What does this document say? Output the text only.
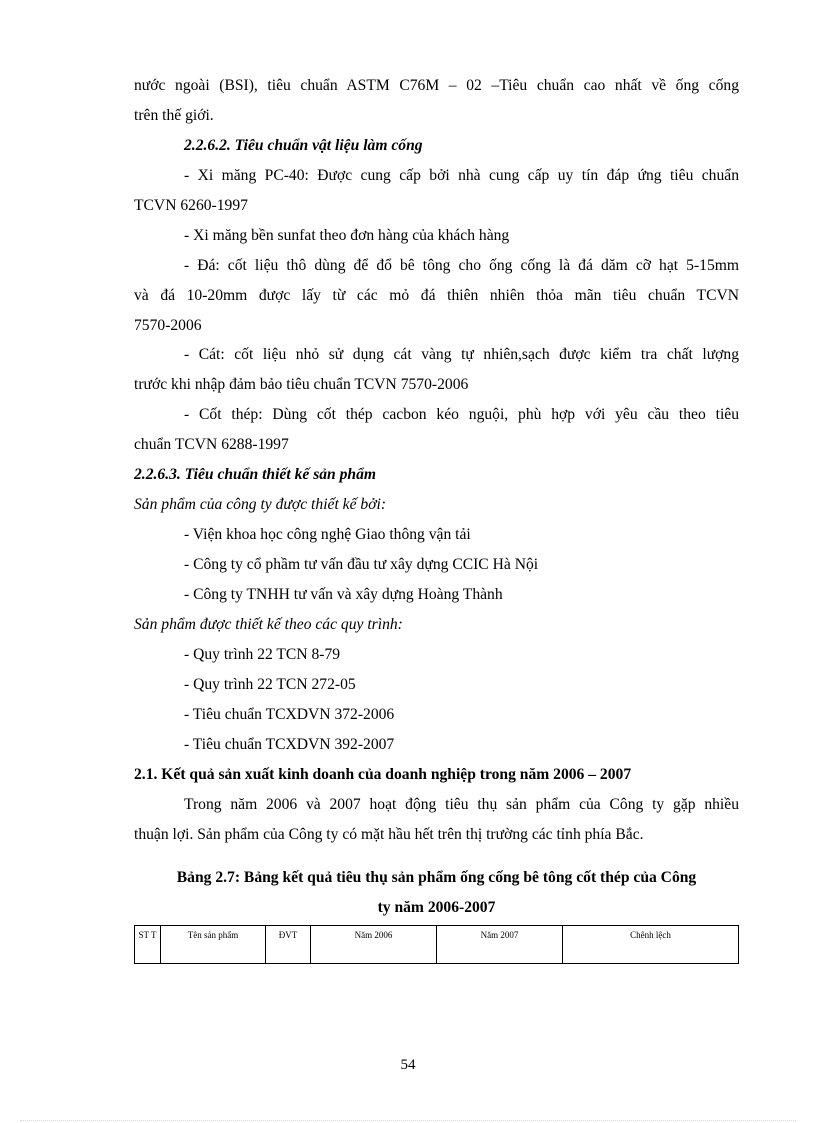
nước ngoài (BSI), tiêu chuẩn ASTM C76M – 02 –Tiêu chuẩn cao nhất về ống cống
trên thế giới.
2.2.6.2. Tiêu chuẩn vật liệu làm cống
- Xi măng PC-40: Được cung cấp bởi nhà cung cấp uy tín đáp ứng tiêu chuẩn
TCVN 6260-1997
- Xi măng bền sunfat theo đơn hàng của khách hàng
- Đá: cốt liệu thô dùng để đổ bê tông cho ống cống là đá dăm cỡ hạt 5-15mm
và đá 10-20mm được lấy từ các mỏ đá thiên nhiên thỏa mãn tiêu chuẩn TCVN
7570-2006
- Cát: cốt liệu nhỏ sử dụng cát vàng tự nhiên,sạch được kiểm tra chất lượng
trước khi nhập đảm bảo tiêu chuẩn TCVN 7570-2006
- Cốt thép: Dùng cốt thép cacbon kéo nguội, phù hợp với yêu cầu theo tiêu
chuẩn TCVN 6288-1997
2.2.6.3. Tiêu chuẩn thiết kế sản phẩm
Sản phẩm của công ty được thiết kế bởi:
- Viện khoa học công nghệ Giao thông vận tải
- Công ty cổ phầm tư vấn đầu tư xây dựng CCIC Hà Nội
- Công ty TNHH tư vấn và xây dựng Hoàng Thành
Sản phẩm được thiết kế theo các quy trình:
- Quy trình 22 TCN 8-79
- Quy trình 22 TCN 272-05
- Tiêu chuẩn TCXDVN 372-2006
- Tiêu chuẩn TCXDVN 392-2007
2.1. Kết quả sản xuất kinh doanh của doanh nghiệp trong năm 2006 – 2007
Trong năm 2006 và 2007 hoạt động tiêu thụ sản phẩm của Công ty gặp nhiều
thuận lợi. Sản phẩm của Công ty có mặt hầu hết trên thị trường các tỉnh phía Bắc.
Bảng 2.7: Bảng kết quả tiêu thụ sản phẩm ống cống bê tông cốt thép của Công
ty năm 2006-2007
ST T	Tên sản phẩm	ĐVT	Năm 2006	Năm 2007	Chênh lệch
54
